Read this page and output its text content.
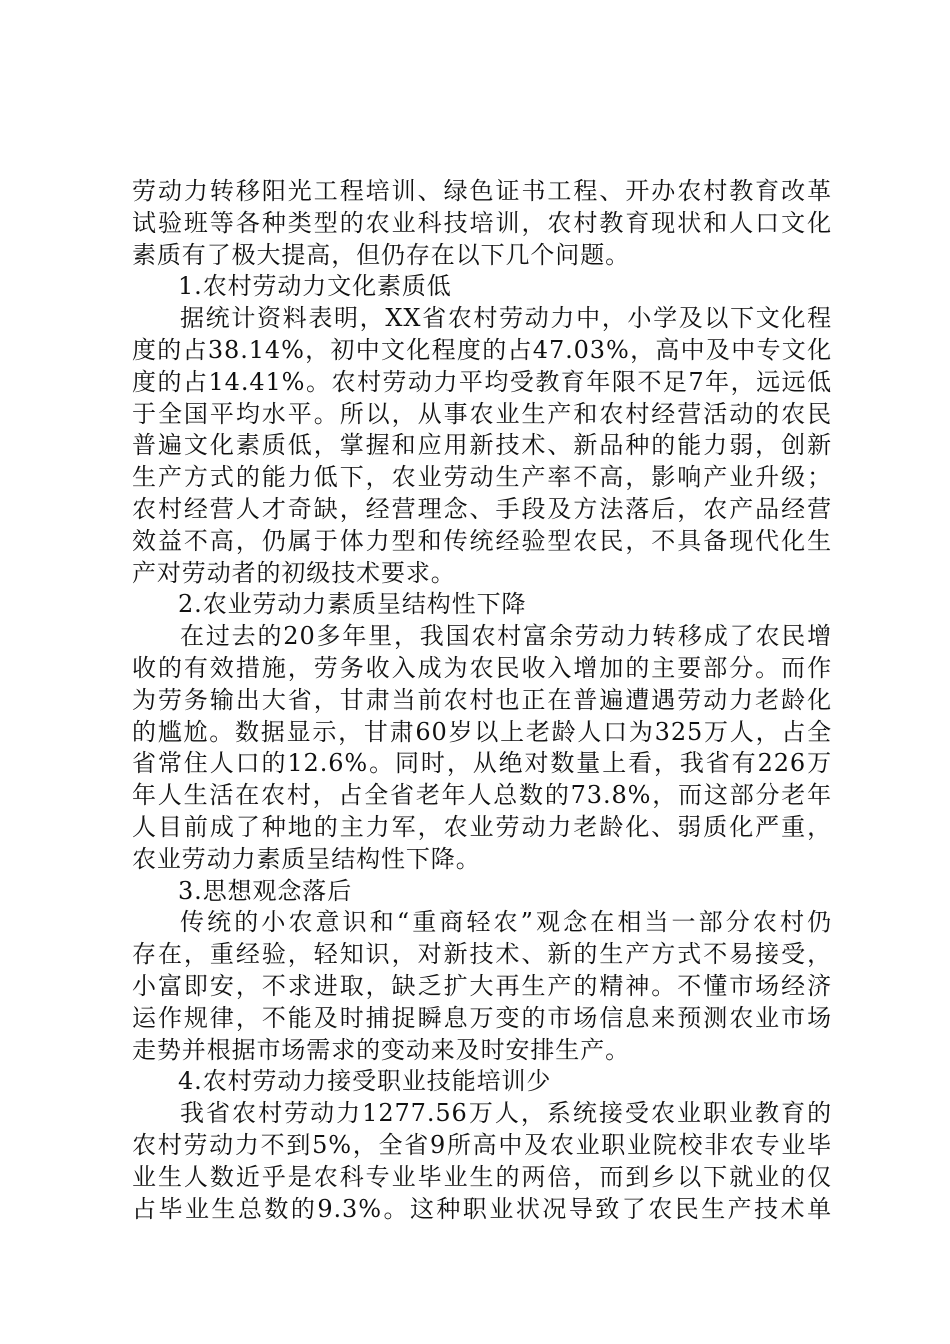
劳动力转移阳光工程培训、绿色证书工程、开办农村教育改革
试验班等各种类型的农业科技培训，农村教育现状和人口文化
素质有了极大提高，但仍存在以下几个问题。
1.农村劳动力文化素质低
据统计资料表明，XX省农村劳动力中，小学及以下文化程
度的占38.14%，初中文化程度的占47.03%，高中及中专文化
度的占14.41%。农村劳动力平均受教育年限不足7年，远远低
于全国平均水平。所以，从事农业生产和农村经营活动的农民
普遍文化素质低，掌握和应用新技术、新品种的能力弱，创新
生产方式的能力低下，农业劳动生产率不高，影响产业升级；
农村经营人才奇缺，经营理念、手段及方法落后，农产品经营
效益不高，仍属于体力型和传统经验型农民，不具备现代化生
产对劳动者的初级技术要求。
2.农业劳动力素质呈结构性下降
在过去的20多年里，我国农村富余劳动力转移成了农民增
收的有效措施，劳务收入成为农民收入增加的主要部分。而作
为劳务输出大省，甘肃当前农村也正在普遍遭遇劳动力老龄化
的尴尬。数据显示，甘肃60岁以上老龄人口为325万人，占全
省常住人口的12.6%。同时，从绝对数量上看，我省有226万
年人生活在农村，占全省老年人总数的73.8%，而这部分老年
人目前成了种地的主力军，农业劳动力老龄化、弱质化严重，
农业劳动力素质呈结构性下降。
3.思想观念落后
传统的小农意识和“重商轻农”观念在相当一部分农村仍
存在，重经验，轻知识，对新技术、新的生产方式不易接受，
小富即安，不求进取，缺乏扩大再生产的精神。不懂市场经济
运作规律，不能及时捕捉瞬息万变的市场信息来预测农业市场
走势并根据市场需求的变动来及时安排生产。
4.农村劳动力接受职业技能培训少
我省农村劳动力1277.56万人，系统接受农业职业教育的
农村劳动力不到5%，全省9所高中及农业职业院校非农专业毕
业生人数近乎是农科专业毕业生的两倍，而到乡以下就业的仅
占毕业生总数的9.3%。这种职业状况导致了农民生产技术单
